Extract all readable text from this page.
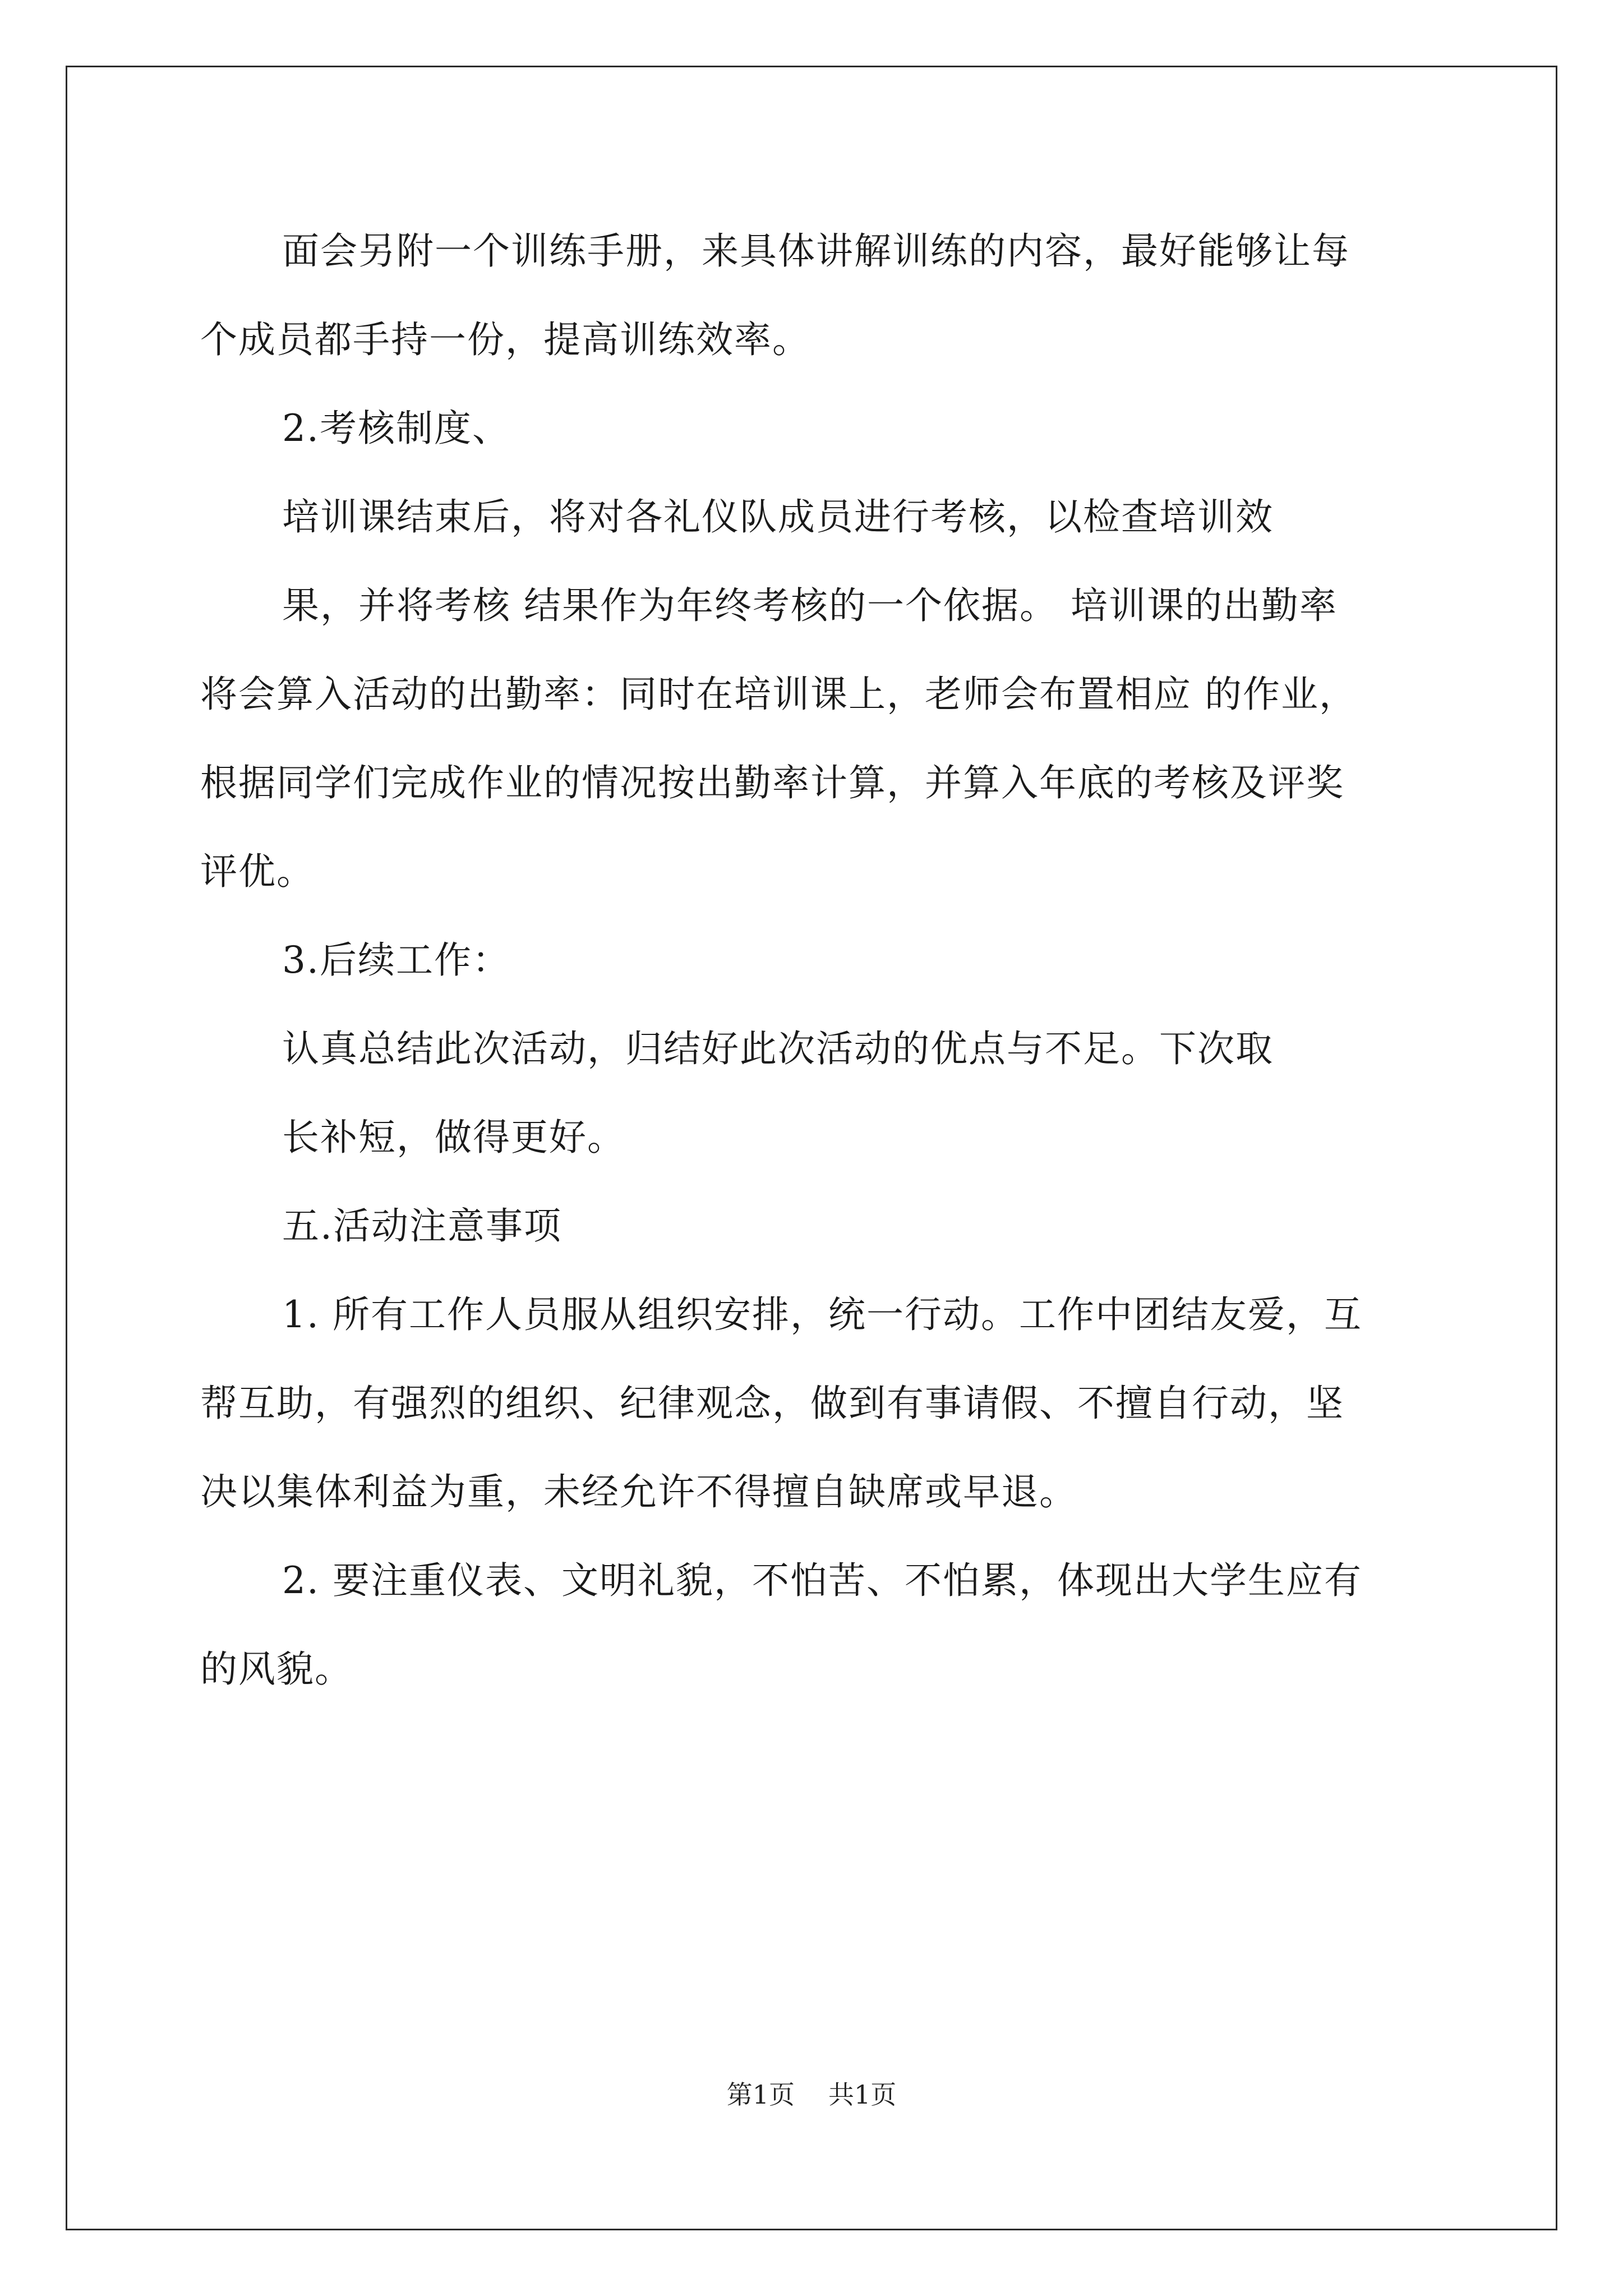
面会另附一个训练手册，来具体讲解训练的内容，最好能够让每
个成员都手持一份，提高训练效率。
2.考核制度、
培训课结束后，将对各礼仪队成员进行考核，以检查培训效
果，并将考核 结果作为年终考核的一个依据。 培训课的出勤率
将会算入活动的出勤率：同时在培训课上，老师会布置相应 的作业，
根据同学们完成作业的情况按出勤率计算，并算入年底的考核及评奖
评优。
3.后续工作：
认真总结此次活动，归结好此次活动的优点与不足。下次取
长补短，做得更好。
五.活动注意事项
1. 所有工作人员服从组织安排，统一行动。工作中团结友爱，互
帮互助，有强烈的组织、纪律观念，做到有事请假、不擅自行动，坚
决以集体利益为重，未经允许不得擅自缺席或早退。
2. 要注重仪表、文明礼貌，不怕苦、不怕累，体现出大学生应有
的风貌。
第1页 共1页
